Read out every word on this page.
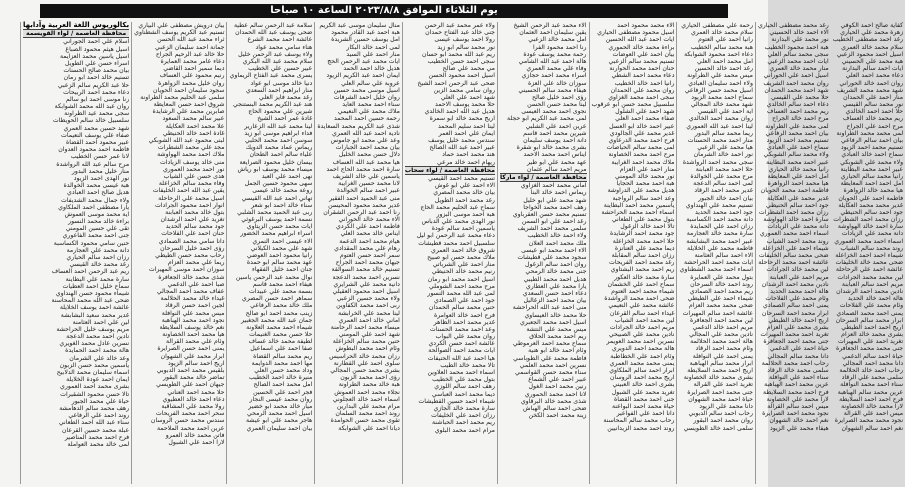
يوم الثلاثاء الموافق ٢٠٢٣/٨/٨ الساعة ١٠ صباحا
بكالوريوس اللغة العربية وآدابها
محافظة العاصمة / لواء القويسمة
اسلام علي احمد الجوراني
اسيل هيثم محمود الصباغ
اسيل ياسين محمد العزايمة
اسراء حسن علي الطويل
بيان محمد صالح الحسنات
تسنيم خالد احمد ابو رمان
حلا عبد الكريم سالم الزعبي
دعاء محمد احمد الربيحات
رنا موسى احمد ابو سالم
روان عبد الله محمد الشوابكة
سجى محمد عيد الطراونة
سلسبيل خالد سالم الحويطات
شهد حسين محمد العمري
صفاء علي يوسف النعيمات
عبير محمود احمد القضاة
فاطمة احمد محمود العدوان
لانا عمر حسن الخطيب
مرح سالم عبد الله الرواشدة
منار خليل محمد البدور
نور الهدى احمد الزيود
هبة عيسى محمد الخوالدة
هديل صالح احمد العبادي
ولاء جمال محمد الشديفات
يارا مصطفى احمد الملكاوي
اية محمد موسى العموش
براءة خالد محمد النسور
تقى علي حسين المومني
جنى احمد محمد الفاعوري
حنين سامي محمود الكساسبة
دانة محمد علي العجارمة
رزان احمد سالم الحياري
رغد محمد خالد القيسي
ريم عبد الرحمن احمد العساف
سارة محمد علي البطاينة
سماح خليل احمد العطيات
شيماء محمود حسن الهنداوي
ضحى عبد الله محمد المحاسنة
عائشة احمد يوسف الخلايلة
غدير محمد سعيد البشابشة
لين علي احمد العثامنة
مريم يوسف خليل الحراحشة
نادين احمد محمد الدعجة
نسرين عادل محمد الغويري
هالة محمد احمد الحمايدة
وعد خالد علي الشرمان
ياسمين محمد حسن الزبون
اسماء سليمان محمد الدلابيح
ايمان احمد عودة الخلايلة
بشرى محمد احمد العموري
تالا حسن محمود الشقيرات
حياة علي محمد الجبور
رهف محمد سالم الدهامشة
روند احمد علي الرفاعي
سناء عبد الله احمد الطعاني
عبلة محمد حسين القرعان
فرح احمد محمد المناصير
لمى خالد محمد العواملة
بيان درويش مصطفى علي البياري
تسنيم عبد الكريم يوسف الشطناوي
ثراء محمد عبد الله الحسن
جمانة احمد سليمان الزعبي
حلا خالد عبد الرحيم الجراح
دعاء عامر محمد العمايرة
ديما سمير احمد القاضي
رنيم محمود علي العساف
روان خليل محمد الزواهرة
سجود سليمان احمد الحويان
سلمى عبد الحليم محمد الطراونة
شروق احمد حسن المعايطة
صابرين محمد علي الرشايدة
عبير سالم محمد السعود
علا محمد احمد العكايلة
غادة احمد خالد الحنيطي
لبنى محمود عبد الله الشوبكي
مجد علي محمد الشطرات
ملاك احمد محمد الهواوشة
منى خالد يوسف الزيادات
نور احمد محمد العموري
هدى حسن علي الشياب
وفاء محمد سالم الخزاعلة
يقين عبد الله احمد الخليفات
اسيل محمد علي الرحاحلة
انوار احمد محمود الجرادات
بتول خالد محمد العبابنة
تغريد علي احمد الرشدان
جود محمد سالم الحديد
حنان احمد علي الفلاحات
دانا سامي محمد الصمادي
رؤى احمد خليل السرحان
رحاب محمد حسن الطيطي
ريما علي محمد العزام
سوزان احمد موسى المهيرات
شذى محمد خالد الجعافرة
صبا احمد علي الدغمي
عفاف محمد احمد المجالي
غيداء خالد محمد الحلالمة
لجين احمد حسن الرقاد
ميس محمد علي النوافلة
نجود احمد محمد الهباهبة
نغم خالد يوسف السلايطة
هيا محمد احمد الخصاونة
وئام علي محمد القرالة
يمنى احمد حسن الصرايرة
ابرار محمد علي الشهوان
اريج احمد سالم الزيود
بلقيس محمد احمد الدبوبي
تماضر خالد محمد البقور
جيهان احمد علي الطويسي
حلا محمد احمد العناني
دعاء احمد خالد العطيوي
رولا محمد علي المشاقبة
سحر احمد محمد الفريحات
سندس محمد حسن الروسان
عرين احمد محمد الملاحمة
فاتن محمد خالد العمرو
لارا احمد علي الشبول
سلامة عبد الرحمن سالم عطية
ضحى يوسف عبد الله الحمدان
عائشة احمد محمد الشرع
هناء سامي محمد عواد
ولاء يوسف عبد الرحمن خليل
سلام محمد عبد الله البكري
عبير حسين علي الخطيب
يسرى محمد عبد الفتاح الريماوي
دنيا خالد موسى ابو عواد
منار ابراهيم احمد السعدي
رغد محمد فايز العلي
هند عبد الكريم محمد البستنجي
شيرين علي محمود الحاج
غادة عمر احمد الشيخ
لينا محمد عبد الله الزعارير
فداء ابراهيم موسى ابو زيد
سوسن احمد محمد الحلبي
ريماس عماد محمد الدويك
علياء سالم احمد الطحان
بيسان خليل محمود الصرايعة
ميساء محمد يوسف ابو رياش
نهى احمد علي العبد
سهى محمود حسين الجمل
روعة محمد خالد عيسى
تهاني احمد عبد الله القيسي
سناء خالد احمد ابو شعر
ربى عبد الحميد محمد الشلبي
نسمة احمد يوسف البرغوثي
ايات محمد حسن الزيتاوي
اسراء ابراهيم محمد الخضور
الاء عيسى احمد النمري
شهد علي محمد الكيلاني
رانيا محمود احمد العوضي
عهد محمد سالم ابو حمدة
جنان احمد خليل الفقهاء
نوال محمد عبد الرحمن ياسين
هيفاء احمد محمد قاسم
بسمة محمد علي عبيدات
سماهر احمد حسن المصري
ملك خالد محمد الرفاعي
زينب محمد احمد ابو صالح
جمان عبد الله محمد الجغبير
شيماء احمد محمد العلاونة
حلا حسن محمد الغنيمات
لطيفة محمد خالد عساف
صفا احمد علي اسماعيل
ريم محمد سالم القضاة
مها احمد محمد الدوايمة
وداد محمد حسن العلي
منيرة خالد احمد الخطيب
امل محمد احمد الصالح
فجر احمد علي الحسين
روان محمد عيسى النجار
ميار خالد محمد ابو خضير
اسيل احمد محمد الرمحي
هاجر محمد علي ابو عيشة
بيان احمد سليمان العمري
منال سليمان موسى عبد الكريم
هبة احمد عبد القادر محمود
امل يوسف حسين الشريدة
لمى احمد خالد البكار
منار احمد علي السيد
ايات محمد عبد الرحمن الحج
هديل خالد احمد الحمد
ايمان احمد عبد الكريم الزيود
عروبة علي سالم العلي
اسيل موسى محمد حسين
روان خليل احمد الشرفات
سناء احمد محمد العايد
ملاك محمد علي النعيمي
رحمة حسين احمد المحمد
شذى عبد الكريم محمد السعايدة
نادية احمد عبد الله العمري
وعد علي محمد ابو جاموس
بيان محمد احمد الجبارات
دلال حسن محمد الخليل
هيا محمد عبد الله العساف
سارة احمد محمد الحاج احمد
ياسمين علي خالد الشريف
لانا محمد حسين الغرايبة
عبير احمد سالم الخوالدة
منى عبد الحميد احمد الفقير
غدير محمد محمود المحيسن
رنا احمد عبد الرحمن الشقران
الاء محمد خالد الحوراني
فاطمة احمد علي الكردي
ايناس خالد محمد العلي
هيام محمد احمد الدعمة
رهام علي محمد المقدادي
سمر احمد حسن العتوم
جيهان محمد احمد الجراح
تسنيم خالد محمد السوالقة
نسرين احمد محمد الدعجة
دانية محمد علي الشرايري
اسيل احمد محمود العقيلي
ولاء محمد حسين الزعبي
ربى احمد محمد الكفاوين
لينا محمد علي الخرابشة
اماني خالد احمد العمري
ميساء محمد احمد الرحامنة
شهد احمد علي المومني
حنين محمد سالم الخزاعلة
وئام احمد محمد البطوش
رزان محمد خالد الحراسيس
سلوى احمد علي القطارنة
بشرى محمد حسن المجالي
رؤى احمد محمد الزبون
هبة خالد محمد الطراونة
نجلاء محمد احمد العموش
اسماء احمد خالد العجلوني
مرام محمد علي البدارين
روند احمد محمد السلمان
تقوى محمد حسن الحوامدة
ديانا احمد علي الشوابكة
ولاء عمر محمد عبد الرحمن
جنى خالد عبد الفتاح حمدان
رولا احمد يوسف عيسى
نور محمد سالم ابو زيد
ريم عبد الله محمد ابو حسان
سجى احمد حسن الخطيب
مي محمد علي صالح
اسيل احمد محمود الحسن
ضحى عبد الرحمن احمد الشيخ
روان سامي محمد الزين
شهد احمد علي العلي
حلا محمد يوسف الاحمد
هديل عبد الله احمد الخالدي
اريج محمد خالد ابو سمرة
لينا احمد سليم المحمد
ايمان علي احمد العمر
سندس محمد خليل يوسف
عبير احمد عبد الله الصالح
هند محمد احمد حماد
ريهام احمد خالد مرعي
محافظة العاصمة / لواء سحاب
تسنيم محمد احمد القيسي
الاء احمد علي ابو غوش
بيان خالد محمد المصري
رغد محمد احمد الطويل
سماح عبد الحليم محمد الحاج
هبة احمد موسى البزور
نور الهدى محمد علي الدباس
ياسمين احمد سالم عودة
دعاء محمد عبد الرحمن ابو ليل
سلسبيل احمد محمد قطيشات
شروق خالد احمد العمري
ملاك محمد حسن ابو صبيح
منار احمد علي الشرباتي
رنيم محمد خالد الحنيطي
اسيل احمد محمد ابو رمان
مرح محمد احمد الشوملي
لمى عبد الله محمد النسور
جود احمد علي الصمادي
حنين محمد سالم الحمدان
فرح احمد خالد العوامرة
غدير محمد احمد الظاهر
وعد احمد محمد الحسنات
روان محمد علي البواب
عائشة احمد حسن الكردي
ايات محمد احمد الصوالحة
هيا احمد عبد الله الحنيفات
تالا محمد خالد الطيب
اسماء احمد محمد العلاوين
بتول محمد علي الخطيب
رهف احمد سالم اللوزي
ديما محمد احمد العباسي
شيماء احمد حسين القطيشات
سارة محمد خالد الجازي
رزان احمد علي الخليفات
ريم محمد احمد الحباشنة
مرام احمد محمد البلوي
الاء محمد عبد الرحمن الشيخ
يقين سليمان احمد العثمان
امل محمد خالد الزعبي
رنا احمد محمود الفرا
رحمة محمد يوسف عودة
هالة احمد عبد الله الشامي
وفاء علي محمد العمري
اسراء محمد احمد حجازي
سوزان خالد علي العزة
هيفاء محمد سالم الحسيني
رؤى احمد خليل صالح
لينا محمد حسن الحسن
نجوى احمد محمد العيسى
لمى محمد عبد الكريم ابو حجلة
عرين احمد علي الشلبي
شيرين محمد احمد قاسم
دانة احمد يوسف سليمان
بشرى محمد خالد ابو شقرة
ايناس احمد محمد الاحمد
عهد محمد علي ابو طير
مريم احمد سالم عثمان
محافظة العاصمة / لواء ماركا
اماني محمد احمد الغزاوي
ريماس احمد خالد البنا
شهد محمد علي ابو خليل
رهف احمد محمد الخواجا
تسنيم محمد حسن العقرباوي
رغد احمد علي ابو السمن
سلمى محمد احمد الشريف
ولاء احمد خالد الخطيب
ملك محمد احمد العلان
الاء احمد محمد ابو عيسى
سجود محمد علي قطيشات
روان احمد سالم الزغول
جنى محمد خالد الرمحي
هديل احمد محمد الطيبي
يارا محمد علي العطاري
دعاء احمد حسن السعدي
بيان محمد احمد الزغاليل
منى احمد عبد الله الحراحشة
حلا محمد خالد العيساوي
اسيل احمد محمد الجعبري
ميس محمد علي النتشة
ريم احمد محمد الحلاق
سماح محمد احمد العرموطي
وئام احمد خالد ابو هنية
فاطمة محمد علي الطوباسي
نسرين احمد محمد العلمي
سناء محمد حسن القواسمي
عبير احمد علي الشماع
رنين محمد احمد الغول
لانا احمد محمد الحموري
شذى محمد خالد البرقاوي
ضحى احمد سالم الهباش
زينة محمد احمد الكخن
الاء محمد محمود احمد
اسيل محمود مصطفى الحياري
ايات احمد عبد الله الحسين
براءة محمد خالد الحموري
بيان احمد علي العوضات
تسنيم محمد سالم الزعبي
حنان احمد محمد الحوارنة
دعاء محمد احمد الشطي
رانيا احمد خالد الخطيب
روان محمد علي الحمدان
سجى احمد محمد الغزاوي
سلسبيل محمد حسن ابو عرقوب
شهد احمد علي الشلول
صفاء محمد احمد العلي
عبير احمد خالد ابو العسل
غدير محمد علي الجالودي
فرح احمد محمد الدرعاوي
لمى محمد سالم الحياصات
مرح احمد محمد الخصاونة
ملاك محمد احمد الغرايبة
منار احمد علي العزام
نور محمد خالد المومني
هبة احمد محمد الحجايا
هديل محمد علي الدراوشة
وعد احمد سالم الرواجبة
ياسمين محمد احمد البطاينة
اسماء احمد محمد الحراحشة
بتول محمد علي الطعاني
تالا احمد خالد الزغول
جود محمد احمد الرشايدة
حلا احمد محمد الخزاعلة
ديما محمد علي العنانزة
رزان احمد سالم المقابلة
رغد محمد احمد الفريحات
ريم احمد محمد البشتاوي
سارة محمد خالد العكور
سماح احمد علي الخشمان
شيماء محمد احمد العتوم
ضحى احمد محمد الرواشدة
عائشة محمد علي النعيمي
غيداء احمد سالم القرعان
لين محمد احمد الشياب
مريم احمد خالد الجرادات
نادين محمد علي الصبيحي
نسرين احمد محمد العويمر
هالة محمد احمد الدويري
وئام احمد علي الخطاطبة
يمنى محمد محمد العمري
ابرار احمد سالم الملكاوي
اريج محمد احمد الروسان
بشرى احمد خالد العبيني
تغريد محمد علي الشبول
جنى احمد محمد القضاة
حياة محمد احمد البواعنة
دانا احمد علي الفواعير
رحاب محمد سالم المحاسنة
روند احمد محمد الزيدانيين
رحمة علي مصطفى الحياري
سلام محمد خالد العمري
رانيا احمد علي العتوم
هبة محمد سالم الخطيب
دعاء احمد محمود الشوابكة
امل محمد احمد العلي
رغد احمد خالد الحسين
ميس محمد علي الطراونة
ولاء احمد سليمان العبادي
اسيل محمد حسن الرفاعي
سماح احمد محمد الزيود
شهد محمد خالد المجالي
اية احمد علي القيسي
روان محمد احمد الخالدي
لينا احمد عبد الله العموري
ريما محمد سالم البدور
منار احمد محمد الحسنات
هيا محمد علي الزعبي
نور احمد خالد الشرمان
سجى محمد احمد الرواشدة
حلا احمد محمد العبابنة
مرح محمد علي الخوالدة
لمى احمد سالم الدعجة
غدير محمد احمد الرقاد
بيان احمد خالد الجبور
تسنيم محمد علي الهنداوي
جود احمد محمد الحديد
دانة محمد احمد الكساسبة
رزان احمد علي الحمايدة
سارة محمد خالد العجارمة
عبير احمد محمد البشابشة
فاطمة محمد علي الخلايلة
الاء احمد سالم العثامنة
ايات محمد احمد الحراحشة
اسماء احمد محمد الشطناوي
بتول محمد علي العمايرة
روند احمد خالد السرحان
ريم محمد احمد الصمادي
شيماء احمد علي الطيطي
ضحى محمد محمد العزام
عائشة احمد سالم المهيرات
لين محمد احمد الجعافرة
مريم احمد خالد الدغمي
نادين محمد علي المجالي
هالة احمد محمد الحلالمة
وئام محمد احمد الرقاد
يمنى احمد علي النوافلة
ابرار محمد سالم الهباهبة
اريج احمد محمد السلايطة
بشرى محمد خالد الخصاونة
تغريد احمد علي القرالة
جنى محمد احمد الصرايرة
حياة احمد محمد الشهوان
دانا محمد علي الزيود
رحاب احمد سالم الدبوبي
روان محمد احمد البقور
سلمى احمد خالد الطويسي
رغد محمد مصطفى الحياري
الاء احمد خالد الحسيني
نور محمد علي البدارنة
هبة احمد محمود الخطيب
سجى محمد سالم العلي
ايات احمد محمد الزعبي
منار محمد خالد العمري
اسيل احمد علي الحوراني
روان محمد احمد الشريف
شهد احمد محمد الحمدان
حلا محمد علي القيسي
دعاء احمد سالم الخالدي
ريم محمد احمد العساف
مرح احمد خالد الجراح
لمى محمد علي الطراونة
بيان احمد محمد الرفاعي
تسنيم محمد احمد الزيود
سماح احمد علي العبادي
ولاء محمد سالم الشوبكي
عبير احمد محمد البطاينة
رانيا محمد خالد الحياري
امل احمد علي المعايطة
هيا محمد احمد الزواهرة
فاطمة احمد محمد الحويان
غدير محمد علي العكايلة
جود احمد سالم الحنيطي
رزان محمد احمد الشطرات
سارة احمد خالد الهواوشة
دانة محمد علي الزيادات
اسماء احمد محمد العموري
روند محمد احمد الشياب
شيماء احمد علي الخزاعلة
ضحى محمد سالم الخليفات
عائشة احمد محمد الرحاحلة
لين محمد خالد الجرادات
مريم احمد علي العبابنة
نادين محمد احمد الرشدان
هالة احمد محمد الحديد
وئام محمد علي الفلاحات
يمنى احمد سالم الصمادي
ابرار محمد احمد السرحان
اريج احمد خالد الطيطي
بشرى محمد علي العزام
تغريد احمد محمد المهيرات
جنى محمد احمد الجعافرة
حياة احمد علي الدغمي
دانا محمد سالم المجالي
رحاب احمد محمد الحلالمة
سلمى محمد خالد الرقاد
سناء احمد علي النوافلة
عرين محمد احمد الهباهبة
فرح احمد محمد السلايطة
لارا محمد علي الخصاونة
ميس احمد سالم القرالة
نجود محمد احمد الصرايرة
نغم احمد خالد الشهوان
هيفاء محمد علي الزيود
كفاية صالح احمد الكوفي
زهرة محمد علي الحياري
رغد احمد مصطفى الخطيب
سلام محمد خالد العمري
اسيل احمد محمود الزعبي
هبة محمد علي الحسيني
ايات احمد سالم البدارنة
دعاء محمد احمد العلي
روان احمد خالد الحوراني
شهد محمد محمد الشريف
منار احمد علي الحمدان
نور محمد سالم القيسي
حلا احمد احمد الخالدي
ريم محمد خالد العساف
مرح احمد علي الجراح
لمى محمد محمد الطراونة
بيان احمد سالم الرفاعي
تسنيم محمد احمد الزيود
سماح احمد خالد العبادي
ولاء محمد علي الشوبكي
عبير احمد محمد البطاينة
رانيا محمد سالم الحياري
امل احمد احمد المعايطة
هيا محمد خالد الزواهرة
فاطمة احمد علي الحويان
غدير محمد محمد العكايلة
جود احمد سالم الحنيطي
رزان محمد احمد الشطرات
سارة احمد خالد الهواوشة
دانة محمد علي الزيادات
اسماء احمد محمد العموري
روند محمد سالم الشياب
شيماء احمد احمد الخزاعلة
ضحى محمد خالد الخليفات
عائشة احمد علي الرحاحلة
لين محمد محمد الجرادات
مريم احمد سالم العبابنة
نادين محمد احمد الرشدان
هالة احمد خالد الحديد
وئام محمد علي الفلاحات
يمنى احمد محمد الصمادي
ابرار محمد سالم السرحان
اريج احمد احمد الطيطي
بشرى محمد خالد العزام
تغريد احمد علي المهيرات
جنى محمد محمد الجعافرة
حياة احمد سالم الدغمي
دانا محمد احمد المجالي
رحاب احمد خالد الحلالمة
سلمى محمد علي الرقاد
سناء احمد محمد النوافلة
عرين محمد سالم الهباهبة
فرح احمد احمد السلايطة
لارا محمد خالد الخصاونة
ميس احمد علي القرالة
نجود محمد محمد الصرايرة
نغم احمد سالم الشهوان
